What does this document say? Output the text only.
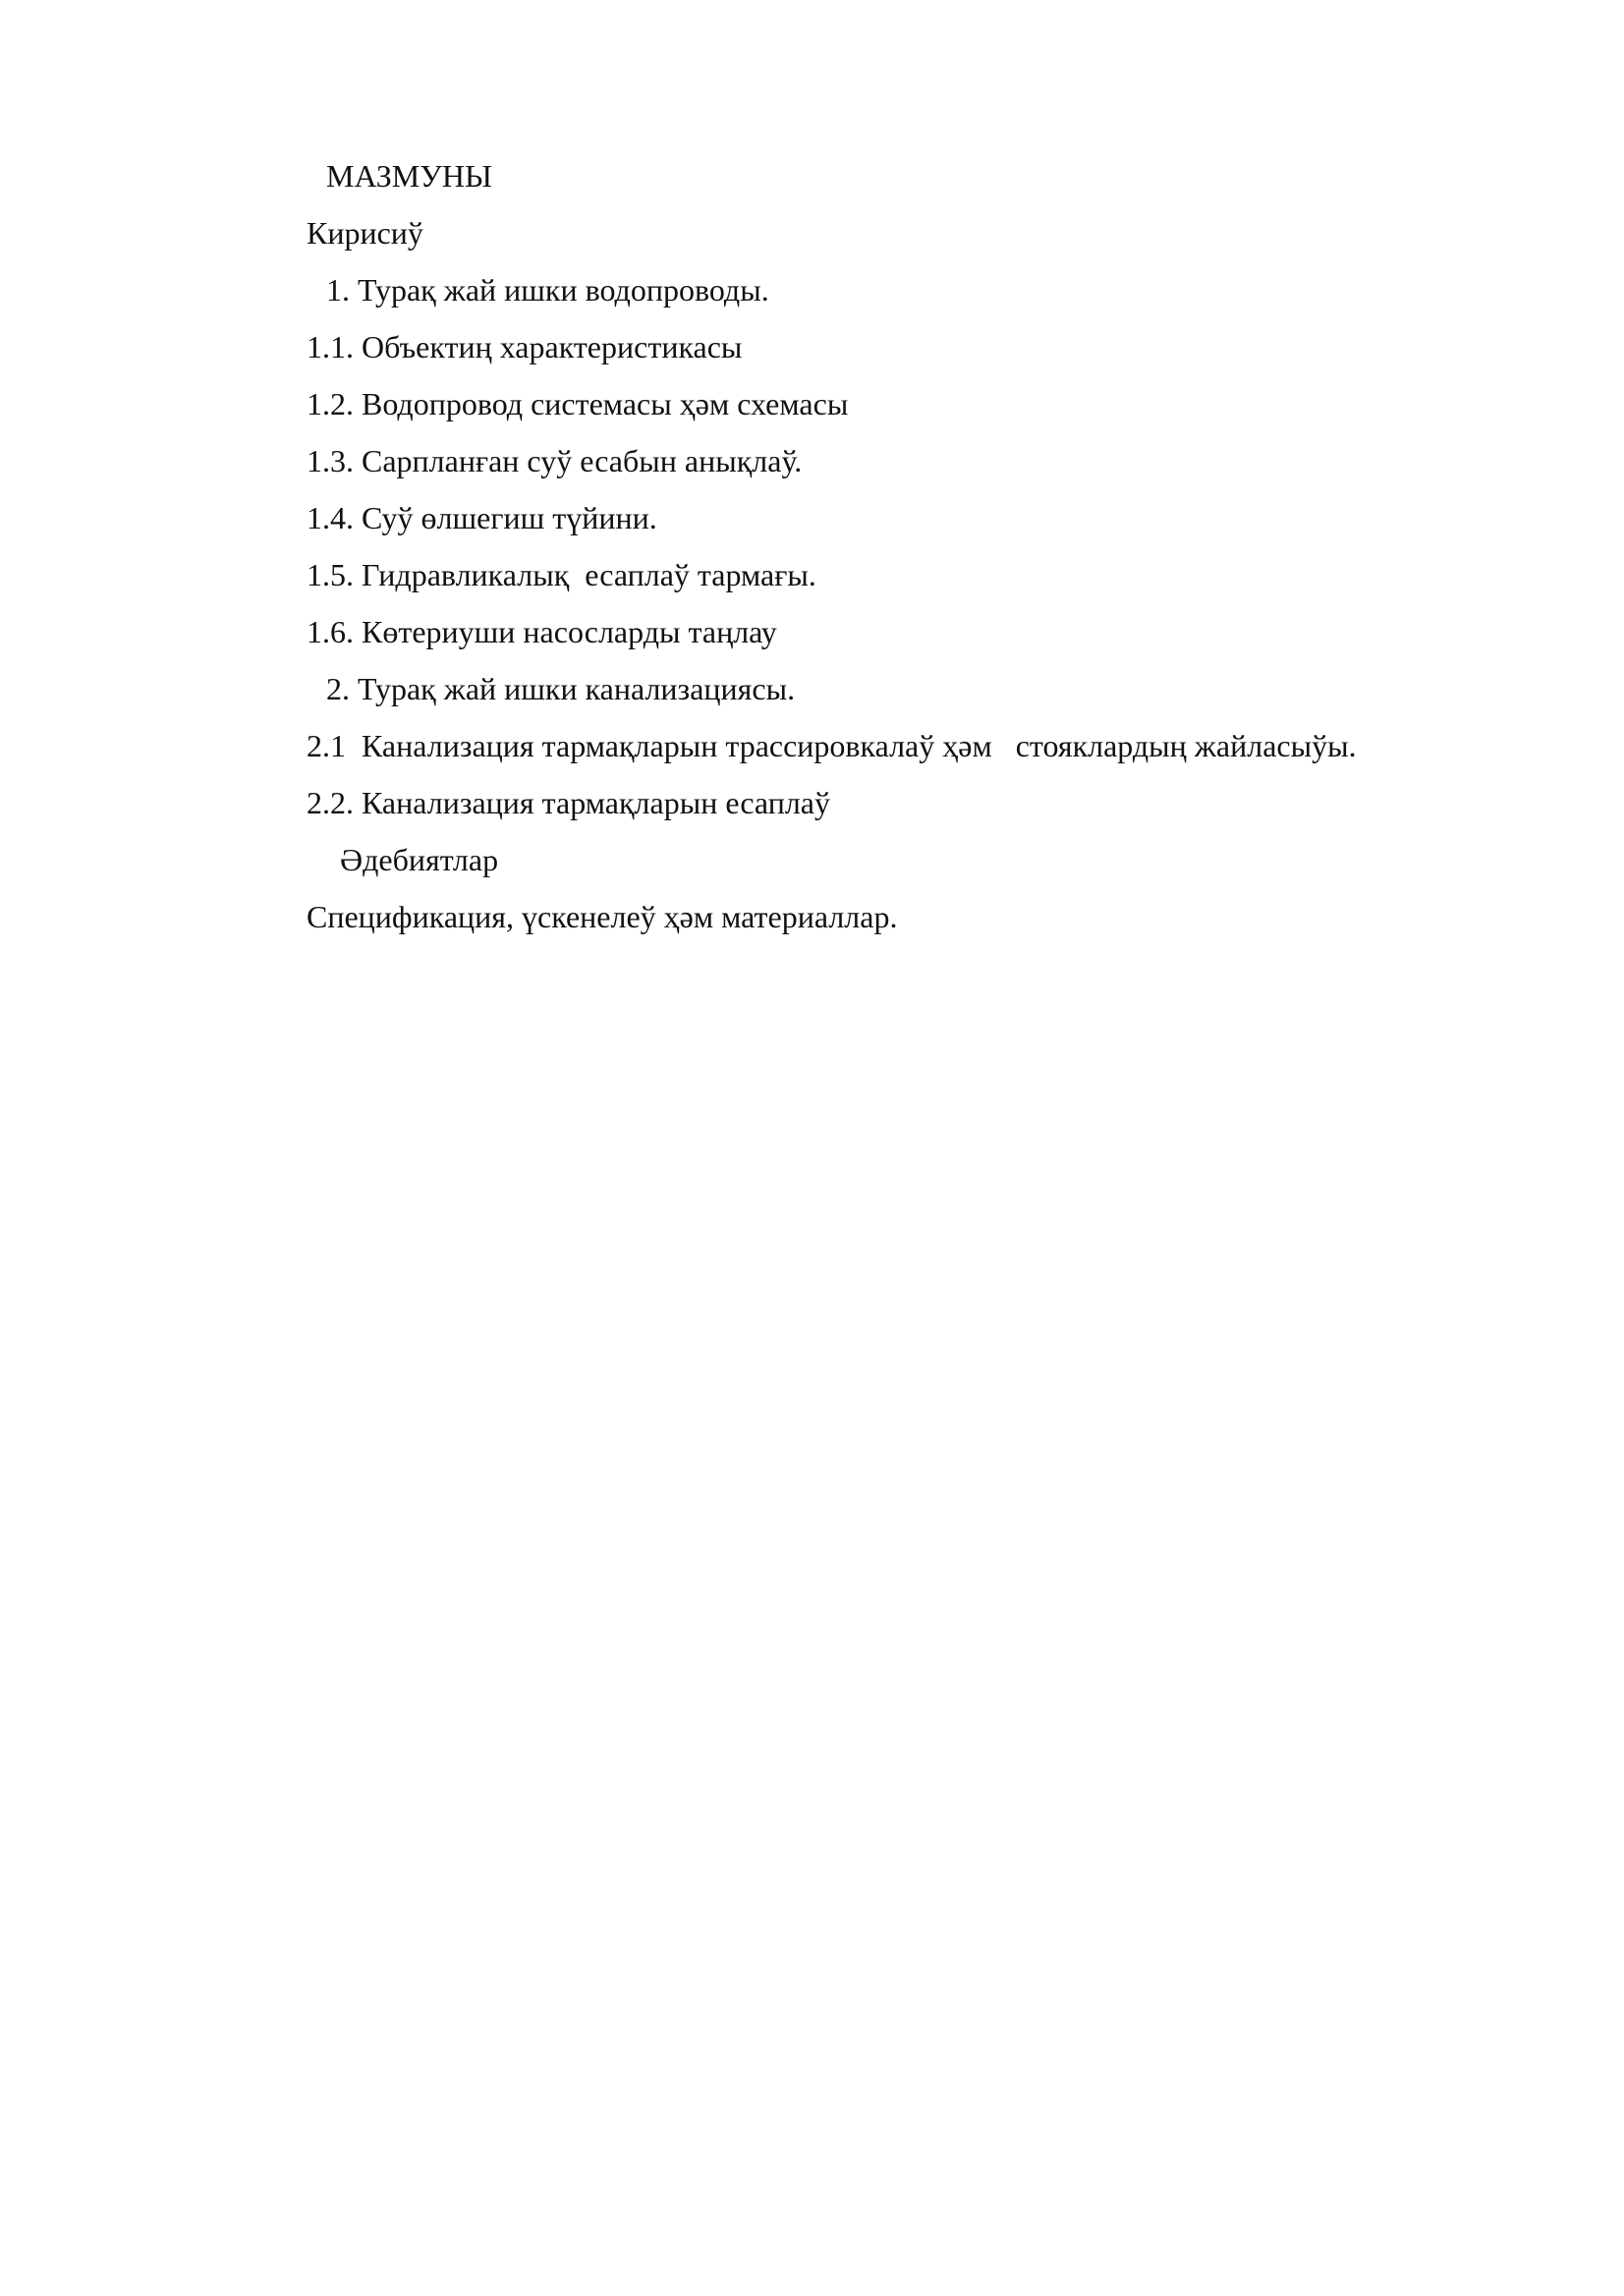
МАЗМУНЫ
Кирисиў
1. Турақ жай ишки водопроводы.
1.1. Объектиң характеристикасы
1.2. Водопровод системасы ҳәм схемасы
1.3. Сарпланған суў есабын анықлаў.
1.4. Суў өлшегиш түйини.
1.5. Гидравликалық  есаплаў тармағы.
1.6. Көтериуши насосларды таңлау
2. Турақ жай ишки канализациясы.
2.1  Канализация тармақларын трассировкалаў ҳәм   стояклардың жайласыўы.
2.2. Канализация тармақларын есаплаў
Әдебиятлар
Спецификация, үскенелеў ҳәм материаллар.
